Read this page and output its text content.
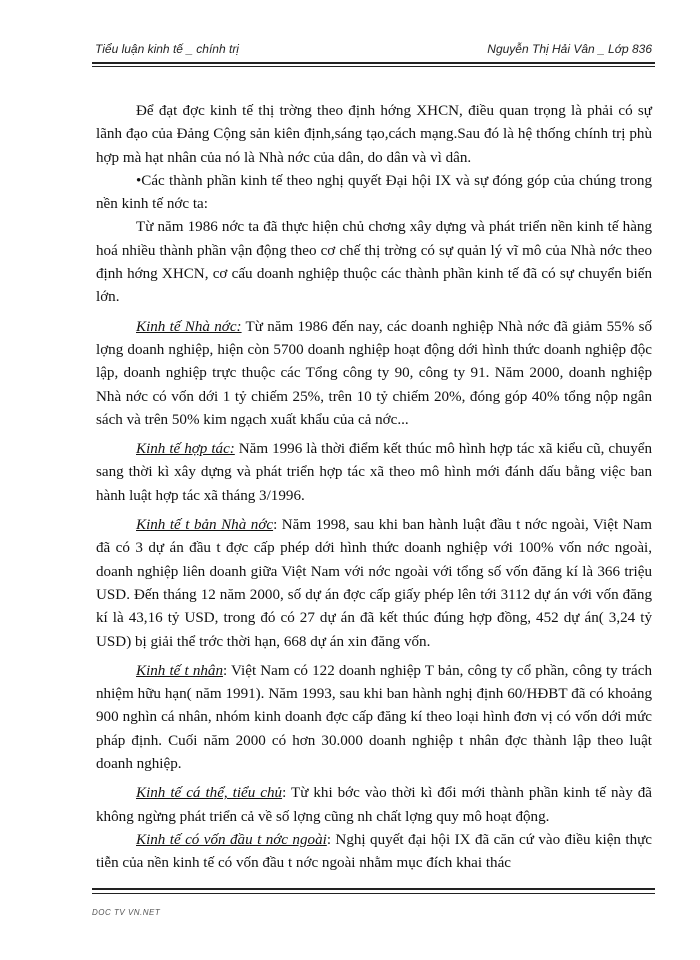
Tiểu luận kinh tế _ chính trị	Nguyễn Thị Hải Vân _ Lớp 836

Để đạt đợc kinh tế thị trờng theo định hớng XHCN, điều quan trọng là phải có sự lãnh đạo của Đảng Cộng sản kiên định,sáng tạo,cách mạng.Sau đó là hệ thống chính trị phù hợp mà hạt nhân của nó là Nhà nớc của dân, do dân và vì dân.

•Các thành phần kinh tế theo nghị quyết Đại hội IX và sự đóng góp của chúng trong nền kinh tế nớc ta:

Từ năm 1986 nớc ta đã thực hiện chủ chơng xây dựng và phát triển nền kinh tế hàng hoá nhiều thành phần vận động theo cơ chế thị trờng có sự quản lý vĩ mô của Nhà nớc theo định hớng XHCN, cơ cấu doanh nghiệp thuộc các thành phần kinh tế đã có sự chuyển biến lớn.

Kinh tế Nhà nớc: Từ năm 1986 đến nay, các doanh nghiệp Nhà nớc đã giảm 55% số lợng doanh nghiệp, hiện còn 5700 doanh nghiệp hoạt động dới hình thức doanh nghiệp độc lập, doanh nghiệp trực thuộc các Tổng công ty 90, công ty 91. Năm 2000, doanh nghiệp Nhà nớc có vốn dới 1 tỷ chiếm 25%, trên 10 tỷ chiếm 20%, đóng góp 40% tổng nộp ngân sách và trên 50% kim ngạch xuất khẩu của cả nớc...

Kinh tế hợp tác: Năm 1996 là thời điểm kết thúc mô hình hợp tác xã kiểu cũ, chuyển sang thời kì xây dựng và phát triển hợp tác xã theo mô hình mới đánh dấu bằng việc ban hành luật hợp tác xã tháng 3/1996.

Kinh tế t bản Nhà nớc: Năm 1998, sau khi ban hành luật đầu t nớc ngoài, Việt Nam đã có 3 dự án đầu t đợc cấp phép dới hình thức doanh nghiệp với 100% vốn nớc ngoài, doanh nghiệp liên doanh giữa Việt Nam với nớc ngoài với tổng số vốn đăng kí là 366 triệu USD. Đến tháng 12 năm 2000, số dự án đợc cấp giấy phép lên tới 3112 dự án với vốn đăng kí là 43,16 tỷ USD, trong đó có 27 dự án đã kết thúc đúng hợp đồng, 452 dự án( 3,24 tỷ USD) bị giải thể trớc thời hạn, 668 dự án xin đăng vốn.

Kinh tế t nhân: Việt Nam có 122 doanh nghiệp T bản, công ty cổ phần, công ty trách nhiệm hữu hạn( năm 1991). Năm 1993, sau khi ban hành nghị định 60/HĐBT đã có khoảng 900 nghìn cá nhân, nhóm kinh doanh đợc cấp đăng kí theo loại hình đơn vị có vốn dới mức pháp định. Cuối năm 2000 có hơn 30.000 doanh nghiệp t nhân đợc thành lập theo luật doanh nghiệp.

Kinh tế cá thể, tiểu chủ: Từ khi bớc vào thời kì đổi mới thành phần kinh tế này đã không ngừng phát triển cả về số lợng cũng nh chất lợng quy mô hoạt động.

Kinh tế có vốn đầu t nớc ngoài: Nghị quyết đại hội IX đã căn cứ vào điều kiện thực tiễn của nền kinh tế có vốn đầu t nớc ngoài nhằm mục đích khai thác

DOC TV VN.NET
